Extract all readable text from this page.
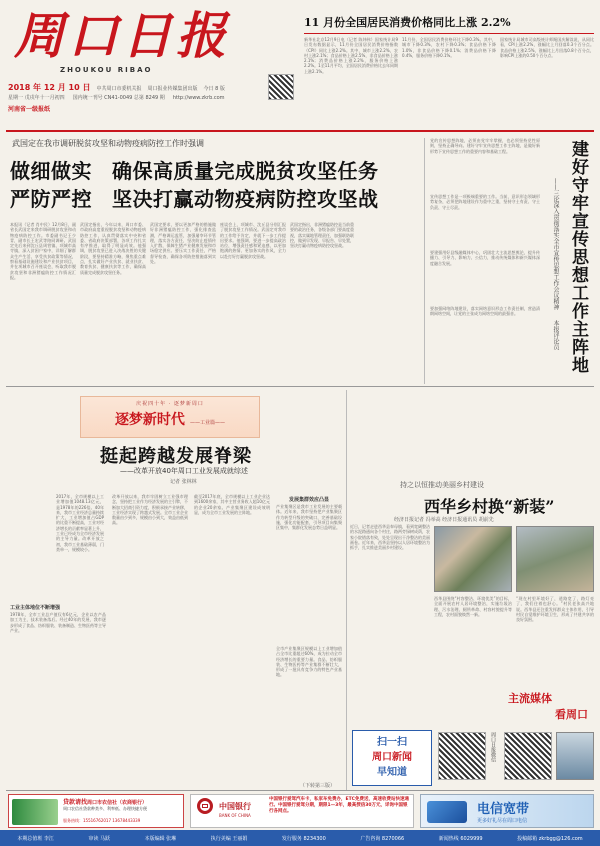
周口日报
ZHOUKOU RIBAO
2018 年 12 月 10 日 中共周口市委机关报 周口报业传媒集团出版 今日 8 版
星期一 戊戌年十一月初四 国内统一刊号 CN41-0049 总第 8249 期 http://www.zkrb.com
河南省一级报纸
11 月份全国居民消费价格同比上涨 2.2%
新华社北京12月9日电（记者 陈炜伟）国家统计局9日发布数据显示，11月份全国居民消费价格指数（CPI）同比上涨2.2%。其中，城市上涨2.2%，农村上涨2.1%；食品价格上涨2.5%，非食品价格上涨2.1%；消费品价格上涨2.2%，服务价格上涨2.2%。1至11月平均，全国居民消费价格比去年同期上涨2.1%。
11月份，全国居民消费价格环比下降0.3%。其中，城市下降0.3%，农村下降0.3%；食品价格下降1.0%，非食品价格下降0.1%；消费品价格下降0.4%，服务价格下降0.1%。
国家统计局城市司高级统计师绳国庆解读说，从同比看，CPI上涨2.2%，涨幅比上月回落0.3个百分点。食品价格上涨2.5%，涨幅比上月回落0.8个百分点，影响CPI上涨约0.50个百分点。
武国定在我市调研脱贫攻坚和动物疫病防控工作时强调
做细做实
严防严控
确保高质量完成脱贫攻坚任务
坚决打赢动物疫病防控攻坚战
本报讯（记者 肖中民）12月8日，副省长武国定来我市调研脱贫攻坚和动物疫病防控工作。市委副书记王少青，副市长王宏武等陪同调研。武国定先后来到沈丘县周营镇、项城市高寺镇，深入贫困户家中，详细了解群众生产生活、享受扶贫政策等情况，察看基础设施建设和产业扶贫项目，并在项城市召开座谈会，听取我市脱贫攻坚和非洲猪瘟防控工作情况汇报。
武国定指出，今年以来，周口市委、市政府高度重视脱贫攻坚和动物疫病防控工作，认真贯彻落实中央和省委、省政府决策部署，各项工作扎实有序推进，取得了明显成效。他强调，脱贫攻坚已进入决战决胜的关键阶段，要坚持精准方略，聚焦重点难点，扎实做好产业扶贫、就业扶贫、教育扶贫、健康扶贫等工作，确保高质量完成脱贫攻坚任务。
武国定要求，要以更加严格的措施做好非洲猪瘟防控工作，强化排查监测，严格调运监管，加强屠宰环节管理，落实各方责任，坚决防止疫情传入扩散，保障生猪产业健康发展和市场稳定供应。要压实工作责任，严格督导检查，确保各项防控措施落到实处。
座谈会上，项城市、沈丘县分别汇报了脱贫攻坚工作情况。武国定对我市的工作给予肯定，并就下一步工作提出要求。他强调，要进一步提高政治站位，增强责任感和紧迫感，以更加饱满的热情、更加务实的作风，全力以赴打好打赢脱贫攻坚战。
武国定指出，非洲猪瘟防控是当前重要的政治任务，各级各部门要高度重视，落实属地管理责任，加强联防联控，做到早发现、早报告、早处置，坚决打赢动物疫病防控攻坚战。
党的宣传思想阵地，必须由党牢牢掌握，也必须坚持党性原则，坚持正确导向。建好守牢宣传思想工作主阵地，是做好新形势下宣传思想工作的重要内容和基础工程。
宣传思想工作是一项极端重要的工作。当前，意识形态领域形势复杂，必须把阵地建设作为重中之重，坚持守土有责、守土负责、守土尽责。
要建强用好县级融媒体中心，巩固壮大主流思想舆论，提升传播力、引导力、影响力、公信力，推动传统媒体和新兴媒体深度融合发展。
要加强网络阵地建设，落实网络意识形态工作责任制，营造清朗网络空间，让党的主张成为网络空间的最强音。	建好守牢宣传思想工作主阵地
——三论深入贯彻落实全市宣传思想工作会议精神
本报评论员
庆祝四十年 · 逐梦新周口
逐梦新时代 ——工业篇——
挺起跨越发展脊梁
——改革开放40年周口工业发展成就综述
记者 张林林
2017年，全市规模以上工业增加值1048.13亿元，是1978年的226倍。40年来，我市工业经济总量持续扩大，工业增加值占GDP的比重不断提高，工业对经济增长的贡献率显著上升，工业已经成为全市经济发展的主导力量。改革开放之初，我市工业基础薄弱，门类单一，规模较小。
工业主体地位不断增强
1978年，全市工业总产值仅有6亿元，企业以农产品加工为主，技术装备落后。经过40年的发展，我市逐步形成了食品、纺织服装、装备制造、生物医药等主导产业。
改革开放以来，我市牢固树立工业强市理念，坚持把工业作为经济发展的主引擎，不断加大招商引资力度，积极承接产业转移，工业经济实现了跨越式发展。全市工业企业数量由少到多，规模由小到大，效益由低到高。
截至2017年底，全市规模以上工业企业达到1600余家，其中主营业务收入超10亿元的企业20余家。产业集聚区建设成效明显，成为全市工业发展的主阵地。
发展集群效应凸显
产业集聚区是我市工业发展的主要载体。近年来，我市坚持把产业集聚区作为转型升级的突破口，完善基础设施，强化功能配套，引导项目向集聚区集中，集群化发展态势日益明显。
全市产业集聚区规模以上工业增加值占全市比重超过60%，成为拉动全市经济增长的重要力量。食品、纺织服装、生物医药等产业集群不断壮大，形成了一批具有竞争力的特色产业基地。
（下转第三版）
持之以恒推动美丽乡村建设
西华乡村换“新装”
经济日报记者 冯举高 经济日报通讯员 胡前先
近日，记者走进西华县奉母镇，看到宽阔整洁的水泥路通向各个村庄，路两旁绿树成荫，农家小院错落有致，处处呈现出干净整洁的美丽画卷。近年来，西华县坚持以人居环境整治为抓手，扎实推进美丽乡村建设。
西华县围绕“村容整洁、环境优美”的目标，全面开展农村人居环境整治，实施垃圾治理、污水治理、厕所革命、村容村貌提升等工程，农村面貌焕然一新。
“现在村里环境好了，道路宽了，路灯亮了，我们住着也舒心。”村民老张高兴地说。西华县还注重发挥群众主体作用，引导村民自觉维护环境卫生，形成了共建共享的良好氛围。
主流媒体
看周口
扫一扫
周口新闻
早知道
周口日报微信
贷款请找周口市农信社（农商银行）
周口农信社贷款种类多、利率低、办理快捷方便
服务热线：15516762017 13678443339
中国银行
BANK OF CHINA
中国银行爱驾汽车卡，私家车免费办，ETC免费送，高速收费站快速通行。中国银行爱驾分期，期限1—3年，最高授信30万元，详询中国银行各网点。	电信宽带
更多好礼尽在周口电信
本期总值班 李江	审读 马跃	本版编辑 张琳	执行美编 王丽娟	发行服务 8234300	广告咨询 8270066	新闻热线 6029999	投稿邮箱 zkrbgg@126.com
